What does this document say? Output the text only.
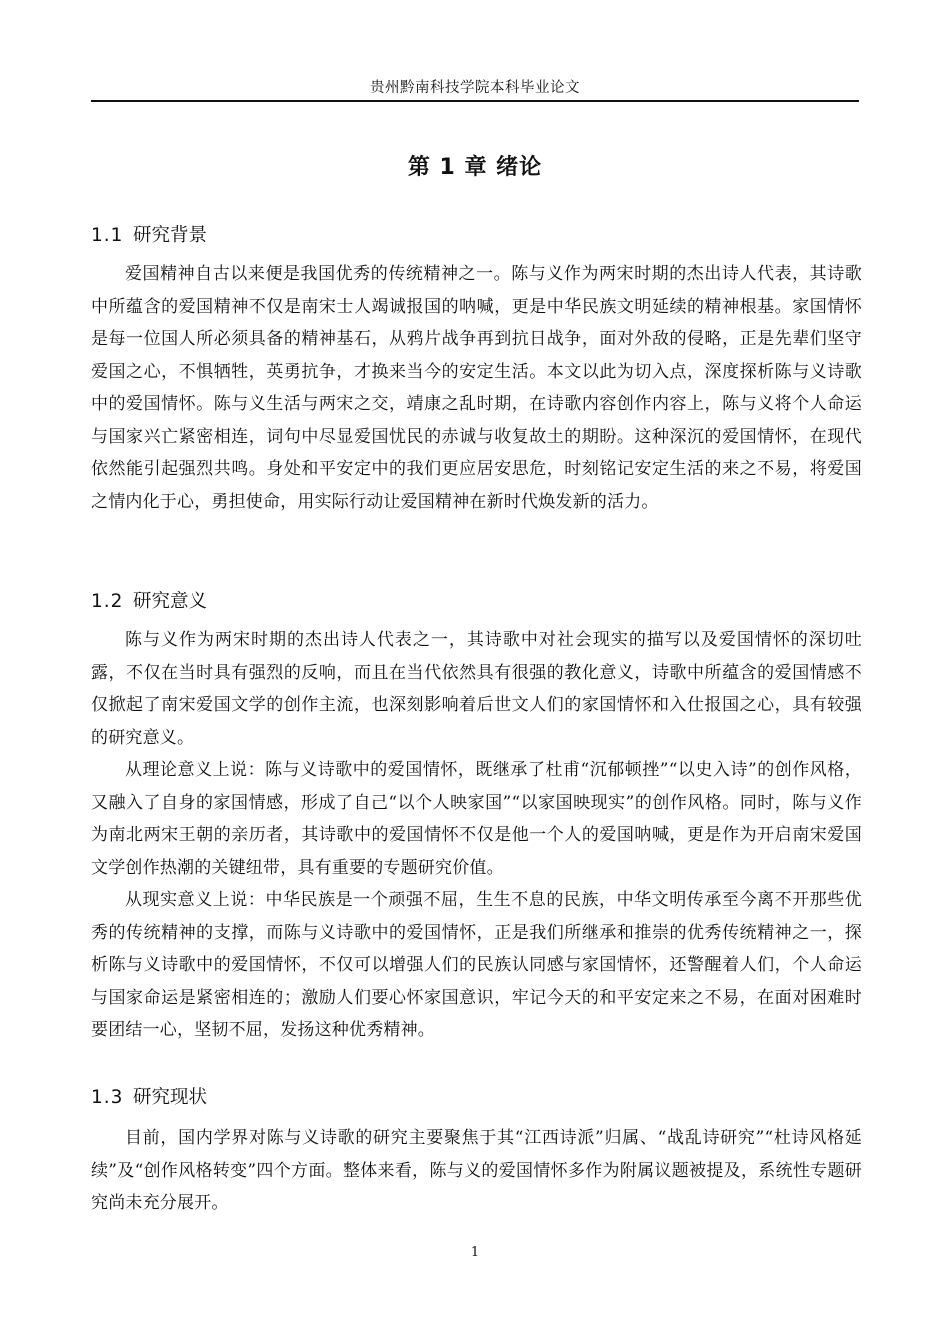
贵州黔南科技学院本科毕业论文
第 1 章 绪论
1.1 研究背景

爱国精神自古以来便是我国优秀的传统精神之一。陈与义作为两宋时期的杰出诗人代表，其诗歌中所蕴含的爱国精神不仅是南宋士人竭诚报国的呐喊，更是中华民族文明延续的精神根基。家国情怀是每一位国人所必须具备的精神基石，从鸦片战争再到抗日战争，面对外敌的侵略，正是先辈们坚守爱国之心，不惧牺牲，英勇抗争，才换来当今的安定生活。本文以此为切入点，深度探析陈与义诗歌中的爱国情怀。陈与义生活与两宋之交，靖康之乱时期，在诗歌内容创作内容上，陈与义将个人命运与国家兴亡紧密相连，词句中尽显爱国忧民的赤诚与收复故土的期盼。这种深沉的爱国情怀，在现代依然能引起强烈共鸣。身处和平安定中的我们更应居安思危，时刻铭记安定生活的来之不易，将爱国之情内化于心，勇担使命，用实际行动让爱国精神在新时代焕发新的活力。

1.2 研究意义

陈与义作为两宋时期的杰出诗人代表之一，其诗歌中对社会现实的描写以及爱国情怀的深切吐露，不仅在当时具有强烈的反响，而且在当代依然具有很强的教化意义，诗歌中所蕴含的爱国情感不仅掀起了南宋爱国文学的创作主流，也深刻影响着后世文人们的家国情怀和入仕报国之心，具有较强的研究意义。

从理论意义上说：陈与义诗歌中的爱国情怀，既继承了杜甫“沉郁顿挫”“以史入诗”的创作风格，又融入了自身的家国情感，形成了自己“以个人映家国”“以家国映现实”的创作风格。同时，陈与义作为南北两宋王朝的亲历者，其诗歌中的爱国情怀不仅是他一个人的爱国呐喊，更是作为开启南宋爱国文学创作热潮的关键纽带，具有重要的专题研究价值。

从现实意义上说：中华民族是一个顽强不屈，生生不息的民族，中华文明传承至今离不开那些优秀的传统精神的支撑，而陈与义诗歌中的爱国情怀，正是我们所继承和推崇的优秀传统精神之一，探析陈与义诗歌中的爱国情怀，不仅可以增强人们的民族认同感与家国情怀，还警醒着人们，个人命运与国家命运是紧密相连的；激励人们要心怀家国意识，牢记今天的和平安定来之不易，在面对困难时要团结一心，坚韧不屈，发扬这种优秀精神。

1.3 研究现状

目前，国内学界对陈与义诗歌的研究主要聚焦于其“江西诗派”归属、“战乱诗研究”“杜诗风格延续”及“创作风格转变”四个方面。整体来看，陈与义的爱国情怀多作为附属议题被提及，系统性专题研究尚未充分展开。

1
